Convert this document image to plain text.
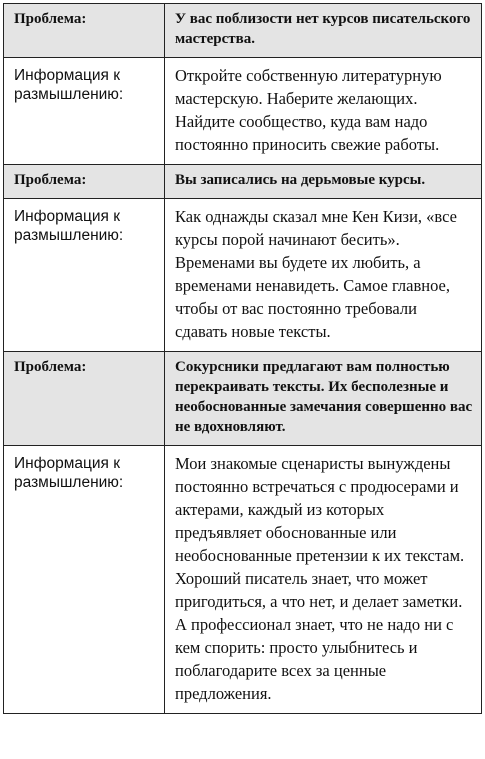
Проблема:	У вас поблизости нет курсов писательского мастерства.
Информация к размышлению:	Откройте собственную литературную мастерскую. Наберите желающих. Найдите сообщество, куда вам надо постоянно приносить свежие работы.
Проблема:	Вы записались на дерьмовые курсы.
Информация к размышлению:	Как однажды сказал мне Кен Кизи, «все курсы порой начинают бесить». Временами вы будете их любить, а временами ненавидеть. Самое главное, чтобы от вас постоянно требовали сдавать новые тексты.
Проблема:	Сокурсники предлагают вам полностью перекраивать тексты. Их бесполезные и необоснованные замечания совершенно вас не вдохновляют.
Информация к размышлению:	Мои знакомые сценаристы вынуждены постоянно встречаться с продюсерами и актерами, каждый из которых предъявляет обоснованные или необоснованные претензии к их текстам. Хороший писатель знает, что может пригодиться, а что нет, и делает заметки. А профессионал знает, что не надо ни с кем спорить: просто улыбнитесь и поблагодарите всех за ценные предложения.
